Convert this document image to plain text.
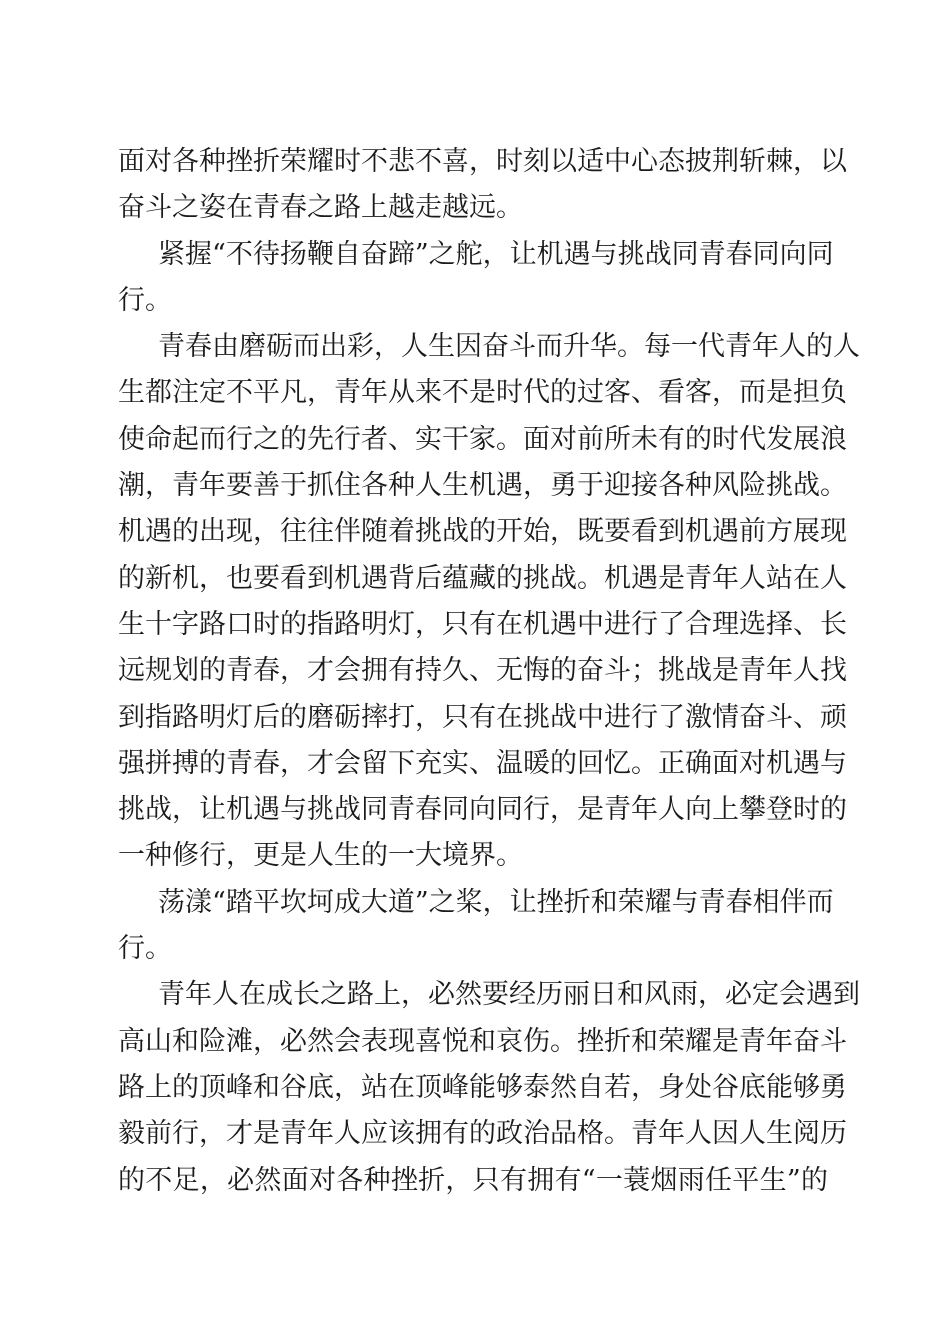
面 对 各 种 挫 折 荣 耀 时 不 悲 不 喜 ， 时 刻 以 适 中 心 态 披 荆 斩 棘 ， 以
奋斗之姿在青春之路上越走越远。
紧 握 “ 不 待 扬 鞭 自 奋 蹄 ” 之 舵 ， 让 机 遇 与 挑 战 同 青 春 同 向 同
行。
青 春 由 磨 砺 而 出 彩 ， 人 生 因 奋 斗 而 升 华 。 每 一 代 青 年 人 的 人
生 都 注 定 不 平 凡 ， 青 年 从 来 不 是 时 代 的 过 客 、 看 客 ， 而 是 担 负
使 命 起 而 行 之 的 先 行 者 、 实 干 家 。 面 对 前 所 未 有 的 时 代 发 展 浪
潮 ， 青 年 要 善 于 抓 住 各 种 人 生 机 遇 ， 勇 于 迎 接 各 种 风 险 挑 战 。
机 遇 的 出 现 ， 往 往 伴 随 着 挑 战 的 开 始 ， 既 要 看 到 机 遇 前 方 展 现
的 新 机 ， 也 要 看 到 机 遇 背 后 蕴 藏 的 挑 战 。 机 遇 是 青 年 人 站 在 人
生 十 字 路 口 时 的 指 路 明 灯 ， 只 有 在 机 遇 中 进 行 了 合 理 选 择 、 长
远 规 划 的 青 春 ， 才 会 拥 有 持 久 、 无 悔 的 奋 斗 ； 挑 战 是 青 年 人 找
到 指 路 明 灯 后 的 磨 砺 摔 打 ， 只 有 在 挑 战 中 进 行 了 激 情 奋 斗 、 顽
强 拼 搏 的 青 春 ， 才 会 留 下 充 实 、 温 暖 的 回 忆 。 正 确 面 对 机 遇 与
挑 战 ， 让 机 遇 与 挑 战 同 青 春 同 向 同 行 ， 是 青 年 人 向 上 攀 登 时 的
一种修行，更是人生的一大境界。
荡 漾 “ 踏 平 坎 坷 成 大 道 ” 之 桨 ， 让 挫 折 和 荣 耀 与 青 春 相 伴 而
行。
青 年 人 在 成 长 之 路 上 ， 必 然 要 经 历 丽 日 和 风 雨 ， 必 定 会 遇 到
高 山 和 险 滩 ， 必 然 会 表 现 喜 悦 和 哀 伤 。 挫 折 和 荣 耀 是 青 年 奋 斗
路 上 的 顶 峰 和 谷 底 ， 站 在 顶 峰 能 够 泰 然 自 若 ， 身 处 谷 底 能 够 勇
毅 前 行 ， 才 是 青 年 人 应 该 拥 有 的 政 治 品 格 。 青 年 人 因 人 生 阅 历
的 不 足 ， 必 然 面 对 各 种 挫 折 ， 只 有 拥 有 “ 一 蓑 烟 雨 任 平 生 ” 的
